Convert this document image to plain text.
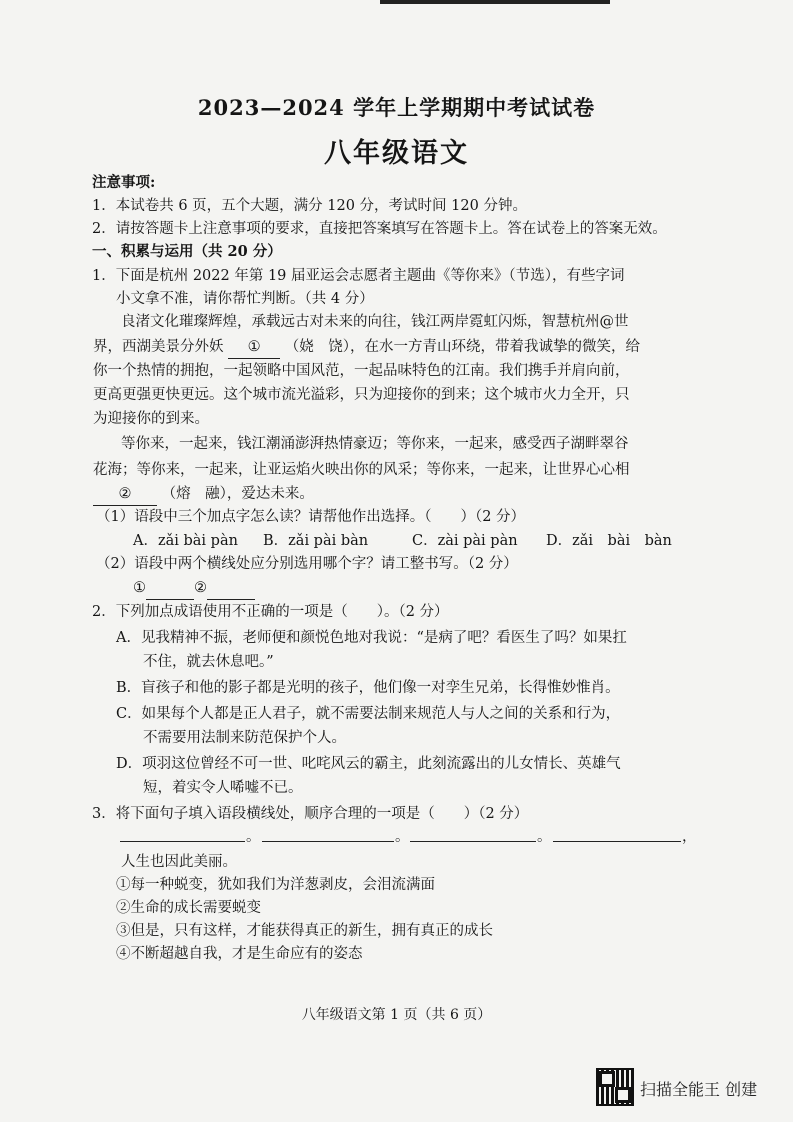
2023—2024 学年上学期期中考试试卷
八年级语文
注意事项:
1．本试卷共 6 页，五个大题，满分 120 分，考试时间 120 分钟。
2．请按答题卡上注意事项的要求，直接把答案填写在答题卡上。答在试卷上的答案无效。
一、积累与运用（共 20 分）
1．下面是杭州 2022 年第 19 届亚运会志愿者主题曲《等你来》（节选），有些字词
小文拿不准，请你帮忙判断。（共 4 分）
良渚文化璀璨辉煌，承载远古对未来的向往，钱江两岸霓虹闪烁，智慧杭州@世
界，西湖美景分外妖 ① （娆　饶），在水一方青山环绕，带着我诚挚的微笑，给
你一个热情的拥抱，一起领略中国风范，一起品味特色的江南。我们携手并肩向前，
更高更强更快更远。这个城市流光溢彩，只为迎接你的到来；这个城市火力全开，只
为迎接你的到来。
等你来，一起来，钱江潮涌澎湃热情豪迈；等你来，一起来，感受西子湖畔翠谷
花海；等你来，一起来，让亚运焰火映出你的风采；等你来，一起来，让世界心心相
② （熔　融），爱达未来。
（1）语段中三个加点字怎么读？请帮他作出选择。（　　）（2 分）
A．zǎi bài pàn B．zǎi pài bàn	C．zài pài pàn D．zǎi　bài　bàn
（2）语段中两个横线处应分别选用哪个字？请工整书写。（2 分）
①	②
2．下列加点成语使用不正确的一项是（　　）。（2 分）
A．见我精神不振，老师便和颜悦色地对我说：“是病了吧？看医生了吗？如果扛
不住，就去休息吧。”
B．盲孩子和他的影子都是光明的孩子，他们像一对孪生兄弟，长得惟妙惟肖。
C．如果每个人都是正人君子，就不需要法制来规范人与人之间的关系和行为，
不需要用法制来防范保护个人。
D．项羽这位曾经不可一世、叱咤风云的霸主，此刻流露出的儿女情长、英雄气
短，着实令人唏嘘不已。
3．将下面句子填入语段横线处，顺序合理的一项是（　　）（2 分）
。	。	。	，
人生也因此美丽。
①每一种蜕变，犹如我们为洋葱剥皮，会泪流满面
②生命的成长需要蜕变
③但是，只有这样，才能获得真正的新生，拥有真正的成长
④不断超越自我，才是生命应有的姿态
八年级语文第 1 页（共 6 页）
扫描全能王 创建
